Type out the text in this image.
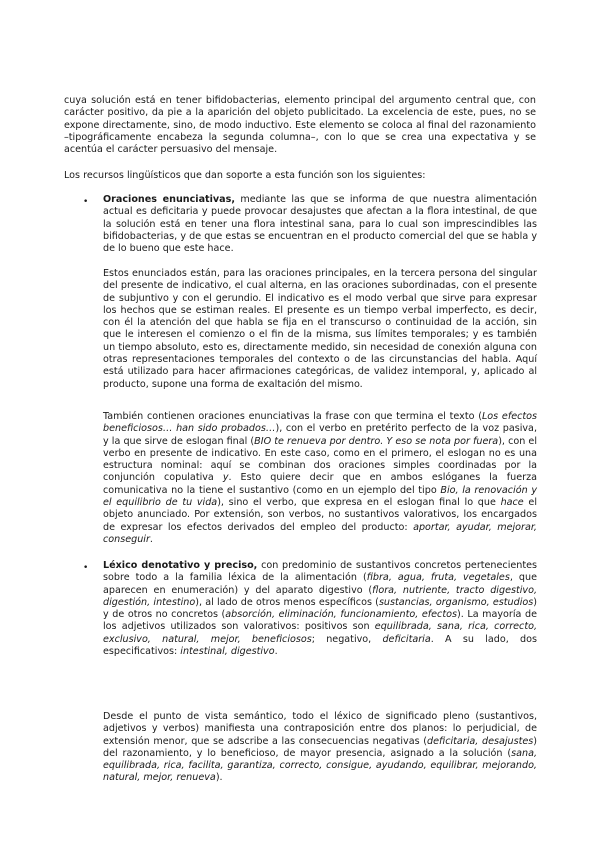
cuya solución está en tener bifidobacterias, elemento principal del argumento central que, con carácter positivo, da pie a la aparición del objeto publicitado. La excelencia de este, pues, no se expone directamente, sino, de modo inductivo. Este elemento se coloca al final del razonamiento –tipográficamente encabeza la segunda columna–, con lo que se crea una expectativa y se acentúa el carácter persuasivo del mensaje.

Los recursos lingüísticos que dan soporte a esta función son los siguientes:

•	Oraciones enunciativas, mediante las que se informa de que nuestra alimentación actual es deficitaria y puede provocar desajustes que afectan a la flora intestinal, de que la solución está en tener una flora intestinal sana, para lo cual son imprescindibles las bifidobacterias, y de que estas se encuentran en el producto comercial del que se habla y de lo bueno que este hace.

Estos enunciados están, para las oraciones principales, en la tercera persona del singular del presente de indicativo, el cual alterna, en las oraciones subordinadas, con el presente de subjuntivo y con el gerundio. El indicativo es el modo verbal que sirve para expresar los hechos que se estiman reales. El presente es un tiempo verbal imperfecto, es decir, con él la atención del que habla se fija en el transcurso o continuidad de la acción, sin que le interesen el comienzo o el fin de la misma, sus límites temporales; y es también un tiempo absoluto, esto es, directamente medido, sin necesidad de conexión alguna con otras representaciones temporales del contexto o de las circunstancias del habla. Aquí está utilizado para hacer afirmaciones categóricas, de validez intemporal, y, aplicado al producto, supone una forma de exaltación del mismo.

También contienen oraciones enunciativas la frase con que termina el texto (Los efectos beneficiosos… han sido probados…), con el verbo en pretérito perfecto de la voz pasiva, y la que sirve de eslogan final (BIO te renueva por dentro. Y eso se nota por fuera), con el verbo en presente de indicativo. En este caso, como en el primero, el eslogan no es una estructura nominal: aquí se combinan dos oraciones simples coordinadas por la conjunción copulativa y. Esto quiere decir que en ambos eslóganes la fuerza comunicativa no la tiene el sustantivo (como en un ejemplo del tipo Bio, la renovación y el equilibrio de tu vida), sino el verbo, que expresa en el eslogan final lo que hace el objeto anunciado. Por extensión, son verbos, no sustantivos valorativos, los encargados de expresar los efectos derivados del empleo del producto: aportar, ayudar, mejorar, conseguir.

•	Léxico denotativo y preciso, con predominio de sustantivos concretos pertenecientes sobre todo a la familia léxica de la alimentación (fibra, agua, fruta, vegetales, que aparecen en enumeración) y del aparato digestivo (flora, nutriente, tracto digestivo, digestión, intestino), al lado de otros menos específicos (sustancias, organismo, estudios) y de otros no concretos (absorción, eliminación, funcionamiento, efectos). La mayoría de los adjetivos utilizados son valorativos: positivos son equilibrada, sana, rica, correcto, exclusivo, natural, mejor, beneficiosos; negativo, deficitaria. A su lado, dos especificativos: intestinal, digestivo.

Desde el punto de vista semántico, todo el léxico de significado pleno (sustantivos, adjetivos y verbos) manifiesta una contraposición entre dos planos: lo perjudicial, de extensión menor, que se adscribe a las consecuencias negativas (deficitaria, desajustes) del razonamiento, y lo beneficioso, de mayor presencia, asignado a la solución (sana, equilibrada, rica, facilita, garantiza, correcto, consigue, ayudando, equilibrar, mejorando, natural, mejor, renueva).
